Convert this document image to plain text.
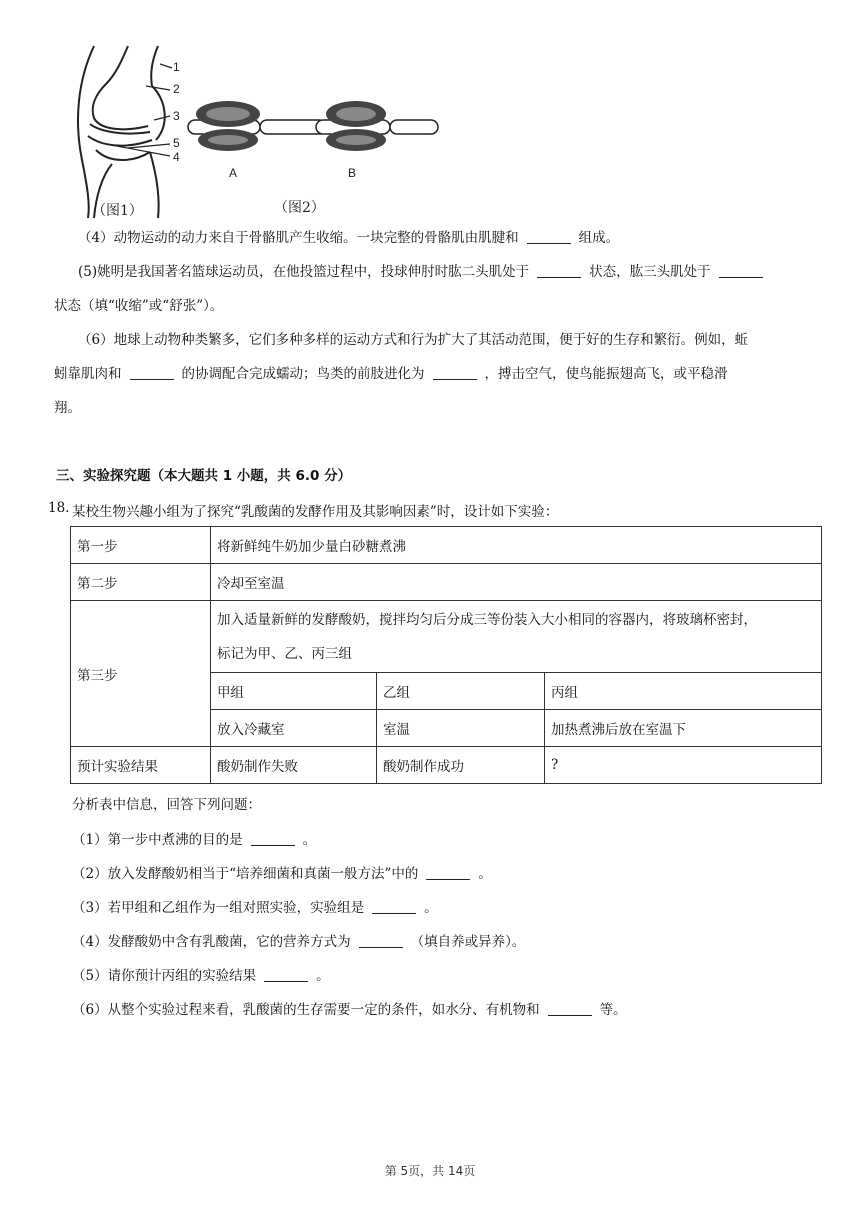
1
2
3
5
4
A	B
（图1）	（图2）
（4）动物运动的动力来自于骨骼肌产生收缩。一块完整的骨骼肌由肌腱和	组成。
(5)姚明是我国著名篮球运动员，在他投篮过程中，投球伸肘时肱二头肌处于	状态，肱三头肌处于
状态（填“收缩”或“舒张”）。
（6）地球上动物种类繁多，它们多种多样的运动方式和行为扩大了其活动范围，便于好的生存和繁衍。例如，蚯
蚓靠肌肉和	的协调配合完成蠕动；鸟类的前肢进化为	，搏击空气，使鸟能振翅高飞，或平稳滑
翔。
三、实验探究题（本大题共 1 小题，共 6.0 分）
18. 某校生物兴趣小组为了探究“乳酸菌的发酵作用及其影响因素”时，设计如下实验：
第一步	将新鲜纯牛奶加少量白砂糖煮沸		
第二步	冷却至室温		
第三步	加入适量新鲜的发酵酸奶，搅拌均匀后分成三等份装入大小相同的容器内，将玻璃杯密封，
标记为甲、乙、丙三组		
	甲组	乙组	丙组
	放入冷藏室	室温	加热煮沸后放在室温下
预计实验结果	酸奶制作失败	酸奶制作成功	?
分析表中信息，回答下列问题：
（1）第一步中煮沸的目的是	。
（2）放入发酵酸奶相当于“培养细菌和真菌一般方法”中的	。
（3）若甲组和乙组作为一组对照实验，实验组是	。
（4）发酵酸奶中含有乳酸菌，它的营养方式为	（填自养或异养）。
（5）请你预计丙组的实验结果	。
（6）从整个实验过程来看，乳酸菌的生存需要一定的条件，如水分、有机物和	等。
第 5页，共 14页
